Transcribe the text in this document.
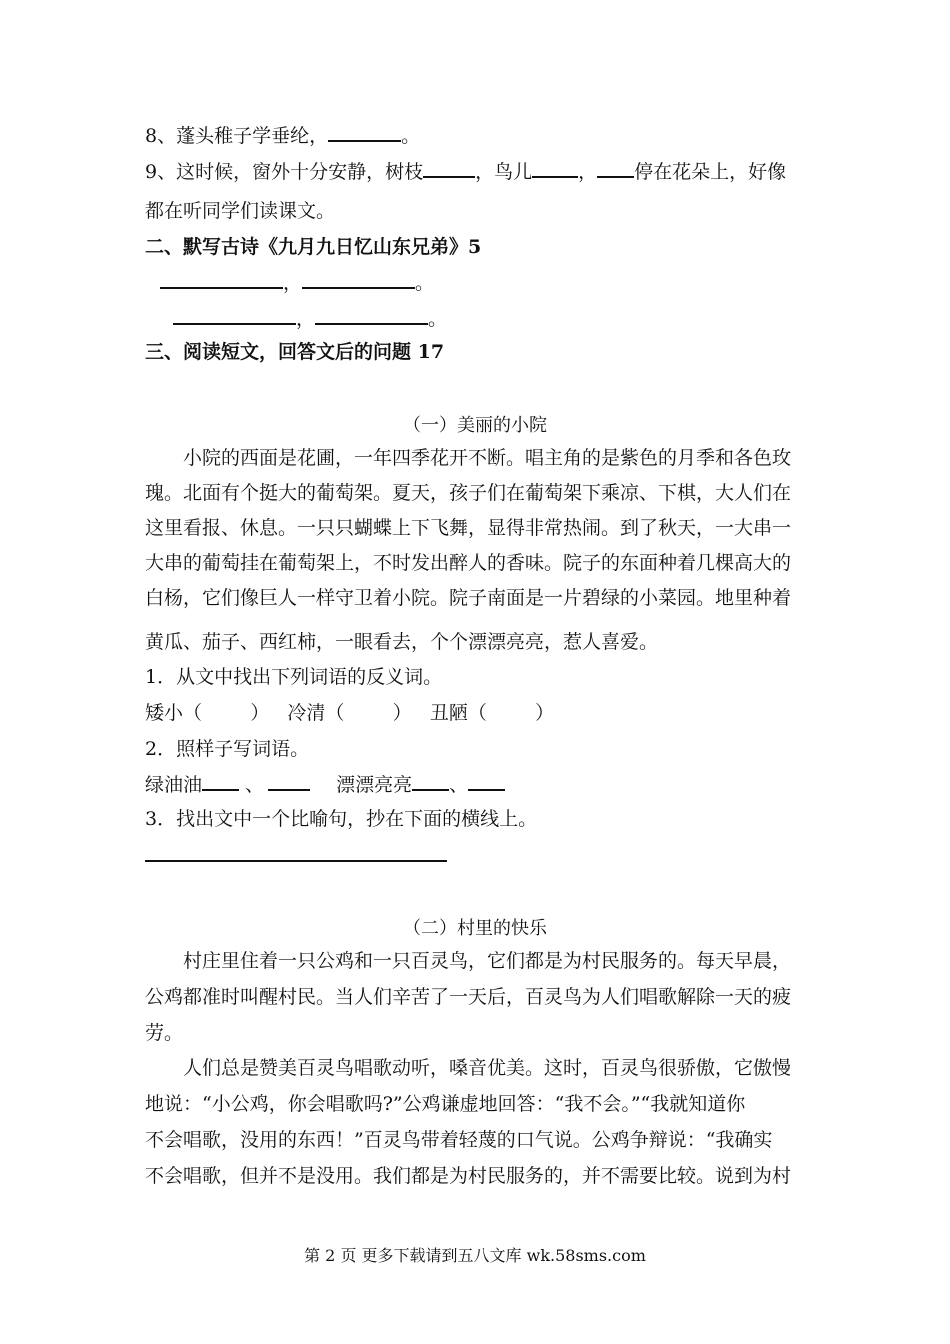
8、蓬头稚子学垂纶，	。
9、这时候，窗外十分安静，树枝	，鸟儿 ， 停在花朵上，好像
都在听同学们读课文。
二、默写古诗《九月九日忆山东兄弟》5
，	。
，	。
三、阅读短文，回答文后的问题 17
（一）美丽的小院
小院的西面是花圃，一年四季花开不断。唱主角的是紫色的月季和各色玫
瑰。北面有个挺大的葡萄架。夏天，孩子们在葡萄架下乘凉、下棋，大人们在
这里看报、休息。一只只蝴蝶上下飞舞，显得非常热闹。到了秋天，一大串一
大串的葡萄挂在葡萄架上，不时发出醉人的香味。院子的东面种着几棵高大的
白杨，它们像巨人一样守卫着小院。院子南面是一片碧绿的小菜园。地里种着
黄瓜、茄子、西红柿，一眼看去，个个漂漂亮亮，惹人喜爱。
1．从文中找出下列词语的反义词。
矮小（        ）   冷清（        ）   丑陋（        ）
2．照样子写词语。
绿油油 、	漂漂亮亮 、
3．找出文中一个比喻句，抄在下面的横线上。
（二）村里的快乐
村庄里住着一只公鸡和一只百灵鸟，它们都是为村民服务的。每天早晨，
公鸡都准时叫醒村民。当人们辛苦了一天后，百灵鸟为人们唱歌解除一天的疲
劳。
人们总是赞美百灵鸟唱歌动听，嗓音优美。这时，百灵鸟很骄傲，它傲慢
地说：“小公鸡，你会唱歌吗?”公鸡谦虚地回答：“我不会。”“我就知道你
不会唱歌，没用的东西！”百灵鸟带着轻蔑的口气说。公鸡争辩说：“我确实
不会唱歌，但并不是没用。我们都是为村民服务的，并不需要比较。说到为村
第 2 页 更多下载请到五八文库 wk.58sms.com
